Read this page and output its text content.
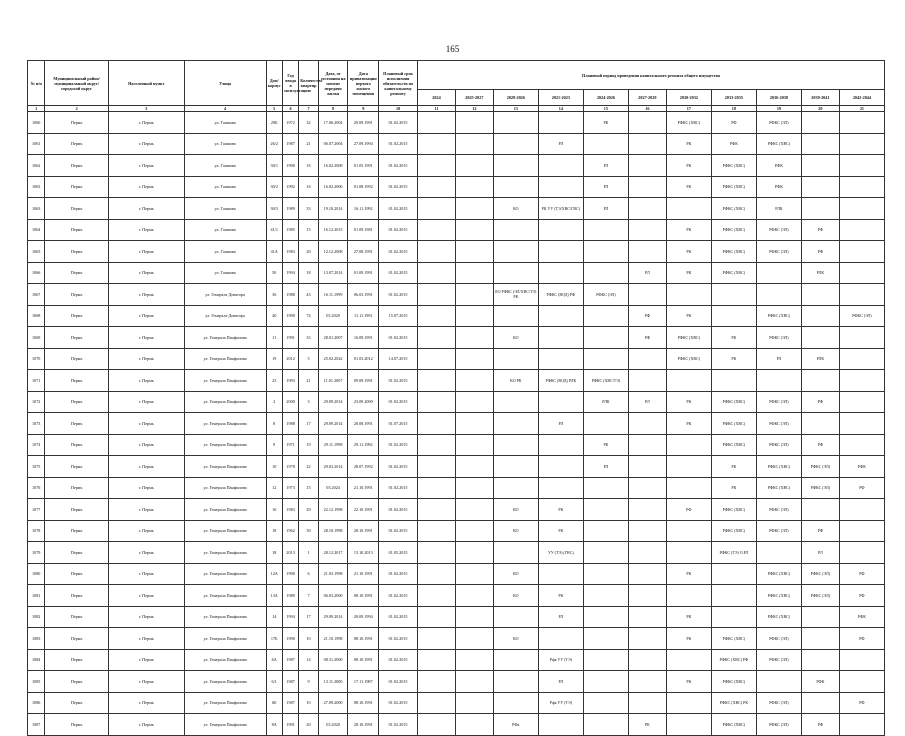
165
№ п/п	Муниципальный район/ муниципальный округ/городской округ	Населенный пункт	Улица	Дом/ корпус	Год ввода в эксплуатацию	Количество квартир	Дата, от состояния на момент передачи жилья	Дата приватизации первого жилого помещения	Плановый срок исполнения обязательств по капитальному ремонту	Плановый период проведения капитального ремонта общего имущества										
										2024	2025-2027	2028-2026	2021-2023	2024-2026	2027-2029	2030-2032	2033-2035	2036-2038	2039-2041	2042-2044
1	2	3	4	5	6	7	8	9	10	11	12	13	14	15	16	17	18	19	20	21
1060	Пермь	г. Пермь	ул. Гашкова	29Б	1972	32	17.06.2004	29.09.1991	01.02.2015					РК		РФКС (ХВС)	РФ	РФКС (ЭЛ)		
1061	Пермь	г. Пермь	ул. Гашкова	26/2	1987	21	06.07.2004	27.09.1994	01.02.2015				РЛ			РК	РФК	РФКС (ХВС)		
1062	Пермь	г. Пермь	ул. Гашкова	30/1	1990	16	16.02.2008	01.05.1991	01.02.2015					РЛ		РК	РФКС (ХВС)	РФК		
1063	Пермь	г. Пермь	ул. Гашкова	30/2	1992	16	16.02.2006	01.08.1992	01.02.2015					РЛ		РК	РФКС (ХВС)	РФК		
1063	Пермь	г. Пермь	ул. Гашкова	30/3	1989	33	19.10.2014	16.11.1992	01.02.2015			КО	РК УУ (ТЭ/ХВС/ГВС)	РЛ			РФКС (ХВС)	РЛК		
1064	Пермь	г. Пермь	ул. Гашкова	41/1	1985	15	16.12.2015	01.09.1981	01.02.2015							РК	РФКС (ХВС)	РФКС (ЭЛ)	РФ	
1065	Пермь	г. Пермь	ул. Гашкова	41А	1983	20	12.12.2008	27.08.1991	01.02.2015							РК	РФКС (ХВС)	РФКС (ЭЛ)	РФ	
1066	Пермь	г. Пермь	ул. Гашкова	50	1994	18	13.07.2014	01.09.1991	01.02.2015						РЛ	РК	РФКС (ХВС)		РЛК	
1067	Пермь	г. Пермь	ул. Генерала Доватора	36	1988	43	16.11.1999	06.03.1991	01.02.2015			ЕО РФКС (ЭЛ/ХВС/ТЭ) РК	РФКС (ВОД) РФ	РФКС (ЭЛ)						
1068	Пермь	г. Пермь	ул. Генерала Доватора	40	1990	74	03.2020	11.11.1991	15.07.2015						РФ	РК		РФКС (ХВС)		РФКС (ЭЛ)
1069	Пермь	г. Пермь	ул. Генерала Панфилова	11	1991	33	28.01.2007	16.09.1991	01.02.2015			КО			РФ	РФКС (ХВС)	РК	РФКС (ЭЛ)		
1070	Пермь	г. Пермь	ул. Генерала Панфилова	19	2012	5	25.02.2022	01.03.2012	14.07.2015							РФКС (ХВС)	РК	РЛ	РЛК	
1071	Пермь	г. Пермь	ул. Генерала Панфилова	23	1993	21	11.01.2007	09.09.1991	01.02.2015			КО РК	РФКС (ВОД) РЛК	РФКС (ХВС/ТЭ)						
1072	Пермь	г. Пермь	ул. Генерала Панфилова	2	2000	3	29.09.2014	23.09.2000	01.02.2015					РЛК	РЛ	РК	РФКС (ХВС)	РФКС (ЭЛ)	РФ	
1073	Пермь	г. Пермь	ул. Генерала Панфилова	8	1988	17	29.09.2014	20.08.1991	01.07.2015				РЛ			РК	РФКС (ХВС)	РФКС (ЭЛ)		
1074	Пермь	г. Пермь	ул. Генерала Панфилова	9	1971	19	29.11.1998	29.11.1992	01.02.2015					РК			РФКС (ХВС)	РФКС (ЭЛ)	РФ	
1075	Пермь	г. Пермь	ул. Генерала Панфилова	10	1978	22	29.03.2014	28.07.1992	01.02.2015					РЛ			РК	РФКС (ХВС)	РФКС (ЭЛ)	РФК
1076	Пермь	г. Пермь	ул. Генерала Панфилова	12	1973	15	03.2024	21.10.1991	01.02.2015								РК	РФКС (ХВС)	РФКС (ЭЛ)	РФ
1077	Пермь	г. Пермь	ул. Генерала Панфилова	16	1983	29	22.12.1998	22.10.1991	01.02.2015			КО	РК			РФ	РФКС (ХВС)	РФКС (ЭЛ)		
1078	Пермь	г. Пермь	ул. Генерала Панфилова	18	1962	30	28.10.1998	28.10.1991	01.02.2015			КО	РК				РФКС (ХВС)	РФКС (ЭЛ)	РФ	
1079	Пермь	г. Пермь	ул. Генерала Панфилова	18	2013	1	28.12.2017	13.10.2013	01.05.2015				УУ (ТЭ) (ГВС)				РФКС (ТЭ) О.РЛ		РЛ	
1080	Пермь	г. Пермь	ул. Генерала Панфилова	12А	1990	6	21.03.1998	21.10.1991	01.02.2015			КО				РК		РФКС (ХВС)	РФКС (ЭЛ)	РФ
1081	Пермь	г. Пермь	ул. Генерала Панфилова	13А	1989	7	06.03.2000	08.10.1991	01.02.2015			КО	РК					РФКС (ХВС)	РФКС (ЭЛ)	РФ
1082	Пермь	г. Пермь	ул. Генерала Панфилова	14	1994	17	29.09.2014	20.09.1994	01.02.2015				РЛ			РК		РФКС (ХВС)		РФК
1083	Пермь	г. Пермь	ул. Генерала Панфилова	17Б	1990	10	21.10.1998	08.10.1991	01.02.2015			КО				РК	РФКС (ХВС)	РФКС (ЭЛ)		РФ
1084	Пермь	г. Пермь	ул. Генерала Панфилова	6А	1987	14	08.31.2000	08.10.1991	01.02.2015				Рфк УУ (ТЭ)				РФКС (ХВС) РФ	РФКС (ЭЛ)		
1085	Пермь	г. Пермь	ул. Генерала Панфилова	6/1	1987	9	13.11.2000	17.11.1987	01.02.2015				РЛ			РК	РФКС (ХВС)		РФК	
1086	Пермь	г. Пермь	ул. Генерала Панфилова	6Б	1987	10	27.09.2000	08.10.1991	01.02.2015				Рфк УУ (ТЭ)				РФКС (ХВС) РК	РФКС (ЭЛ)		РФ
1087	Пермь	г. Пермь	ул. Генерала Панфилова	8А	1991	20	03.2020	28.10.1991	01.02.2015			РФк			РК		РФКС (ХВС)	РФКС (ЭЛ)	РФ	
